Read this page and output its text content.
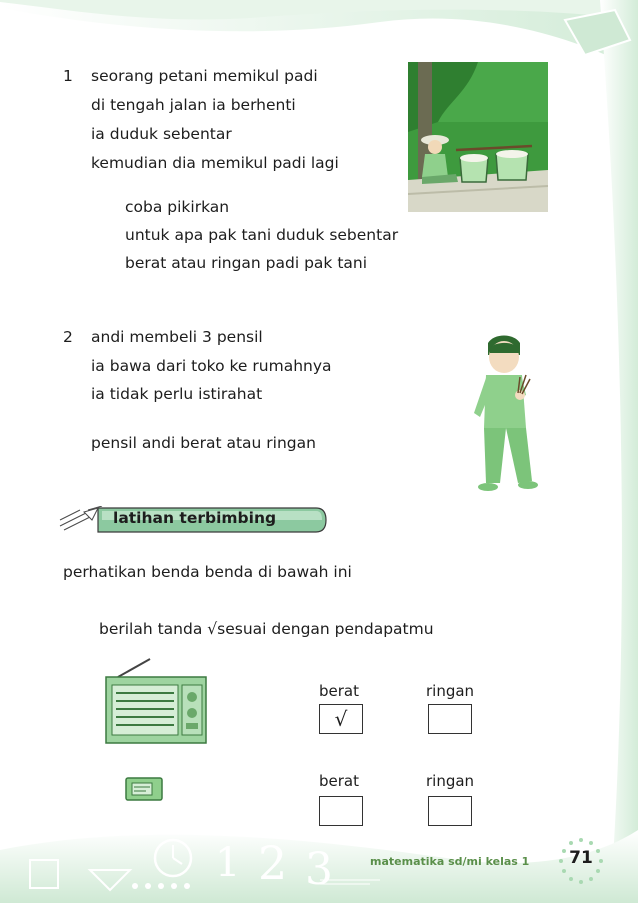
1 2 3
1 seorang petani memikul padi
di tengah jalan ia berhenti
ia duduk sebentar
kemudian dia memikul padi lagi
coba pikirkan
untuk apa pak tani duduk sebentar
berat atau ringan padi pak tani
2 andi membeli 3 pensil
ia bawa dari toko ke rumahnya
ia tidak perlu istirahat
pensil andi berat atau ringan
latihan terbimbing
perhatikan benda benda di bawah ini
berilah tanda √sesuai dengan pendapatmu
berat	ringan
√
berat	ringan
matematika sd/mi kelas 1 71
